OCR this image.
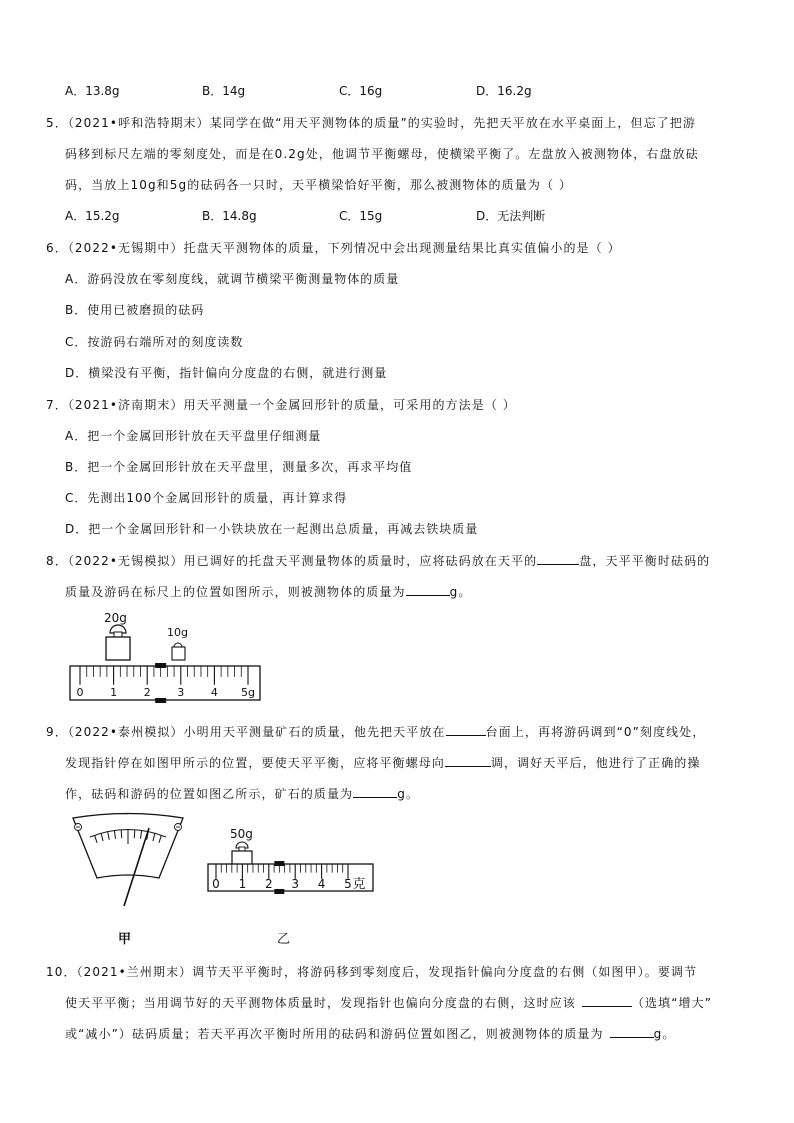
A．13.8g	B．14g	C．16g	D．16.2g
5．（2021•呼和浩特期末）某同学在做“用天平测物体的质量”的实验时，先把天平放在水平桌面上，但忘了把游
码移到标尺左端的零刻度处，而是在0.2g处，他调节平衡螺母，使横梁平衡了。左盘放入被测物体，右盘放砝
码，当放上10g和5g的砝码各一只时，天平横梁恰好平衡，那么被测物体的质量为（ ）
A．15.2g	B．14.8g	C．15g	D．无法判断
6．（2022•无锡期中）托盘天平测物体的质量，下列情况中会出现测量结果比真实值偏小的是（ ）
A．游码没放在零刻度线，就调节横梁平衡测量物体的质量
B．使用已被磨损的砝码
C．按游码右端所对的刻度读数
D．横梁没有平衡，指针偏向分度盘的右侧，就进行测量
7．（2021•济南期末）用天平测量一个金属回形针的质量，可采用的方法是（ ）
A．把一个金属回形针放在天平盘里仔细测量
B．把一个金属回形针放在天平盘里，测量多次，再求平均值
C．先测出100个金属回形针的质量，再计算求得
D．把一个金属回形针和一小铁块放在一起测出总质量，再减去铁块质量
8．（2022•无锡模拟）用已调好的托盘天平测量物体的质量时，应将砝码放在天平的	盘，天平平衡时砝码的
质量及游码在标尺上的位置如图所示，则被测物体的质量为	g。
20g
10g
0 1 2 3 4 5g
9．（2022•泰州模拟）小明用天平测量矿石的质量，他先把天平放在	台面上，再将游码调到“0”刻度线处，
发现指针停在如图甲所示的位置，要使天平平衡，应将平衡螺母向	调，调好天平后，他进行了正确的操
作，砝码和游码的位置如图乙所示，矿石的质量为	g。
甲
50g
0 1 2 3 4 5 克
乙
10．（2021•兰州期末）调节天平平衡时，将游码移到零刻度后，发现指针偏向分度盘的右侧（如图甲）。要调节
使天平平衡；当用调节好的天平测物体质量时，发现指针也偏向分度盘的右侧，这时应该	（选填“增大”
或“减小”）砝码质量；若天平再次平衡时所用的砝码和游码位置如图乙，则被测物体的质量为	g。
